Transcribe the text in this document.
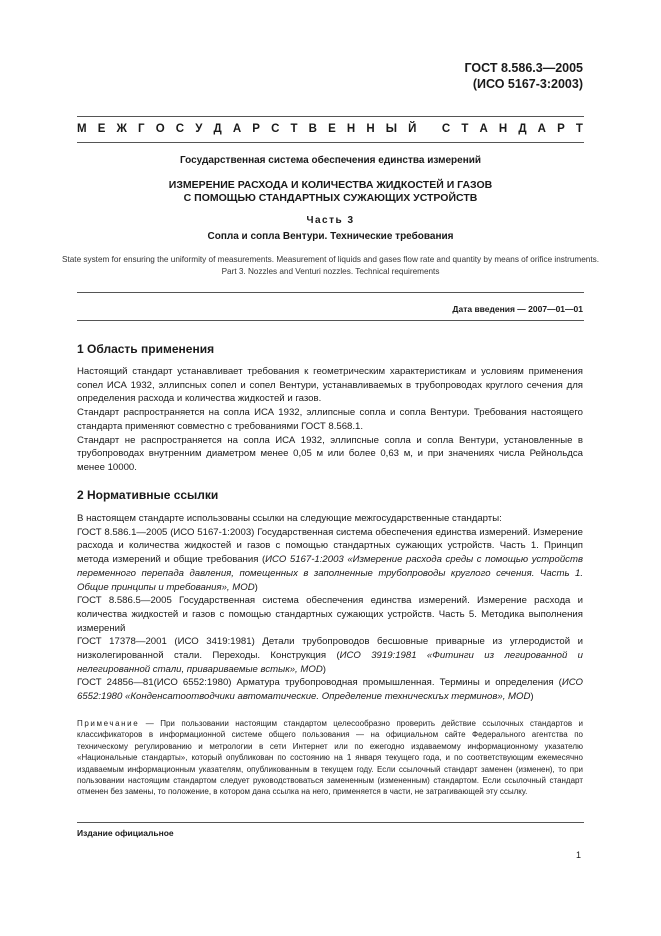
ГОСТ 8.586.3—2005
(ИСО 5167-3:2003)
М Е Ж Г О С У Д А Р С Т В Е Н Н Ы Й
С Т А Н Д А Р Т
Государственная система обеспечения единства измерений
ИЗМЕРЕНИЕ РАСХОДА И КОЛИЧЕСТВА ЖИДКОСТЕЙ И ГАЗОВ
С ПОМОЩЬЮ СТАНДАРТНЫХ СУЖАЮЩИХ УСТРОЙСТВ
Часть 3
Сопла и сопла Вентури. Технические требования
State system for ensuring the uniformity of measurements. Measurement of liquids and gases flow rate and quantity by means of orifice instruments. Part 3. Nozzles and Venturi nozzles. Technical requirements
Дата введения — 2007—01—01
1 Область применения

Настоящий стандарт устанавливает требования к геометрическим характеристикам и условиям применения сопел ИСА 1932, эллипсных сопел и сопел Вентури, устанавливаемых в трубопроводах круглого сечения для определения расхода и количества жидкостей и газов.

Стандарт распространяется на сопла ИСА 1932, эллипсные сопла и сопла Вентури. Требования настоящего стандарта применяют совместно с требованиями ГОСТ 8.568.1.

Стандарт не распространяется на сопла ИСА 1932, эллипсные сопла и сопла Вентури, установленные в трубопроводах внутренним диаметром менее 0,05 м или более 0,63 м, и при значениях числа Рейнольдса менее 10000.

2 Нормативные ссылки

В настоящем стандарте использованы ссылки на следующие межгосударственные стандарты:

ГОСТ 8.586.1—2005 (ИСО 5167-1:2003) Государственная система обеспечения единства измерений. Измерение расхода и количества жидкостей и газов с помощью стандартных сужающих устройств. Часть 1. Принцип метода измерений и общие требования (ИСО 5167-1:2003 «Измерение расхода среды с помощью устройств переменного перепада давления, помещенных в заполненные трубопроводы круглого сечения. Часть 1. Общие принципы и требования», MOD)

ГОСТ 8.586.5—2005 Государственная система обеспечения единства измерений. Измерение расхода и количества жидкостей и газов с помощью стандартных сужающих устройств. Часть 5. Методика выполнения измерений

ГОСТ 17378—2001 (ИСО 3419:1981) Детали трубопроводов бесшовные приварные из углеродистой и низколегированной стали. Переходы. Конструкция (ИСО 3919:1981 «Фитинги из легированной и нелегированной стали, привариваемые встык», MOD)

ГОСТ 24856—81(ИСО 6552:1980) Арматура трубопроводная промышленная. Термины и определения (ИСО 6552:1980 «Конденсатоотводчики автоматические. Определение техническиъх терминов», MOD)

Примечание — При пользовании настоящим стандартом целесообразно проверить действие ссылочных стандартов и классификаторов в информационной системе общего пользования — на официальном сайте Федерального агентства по техническому регулированию и метрологии в сети Интернет или по ежегодно издаваемому информационному указателю «Национальные стандарты», который опубликован по состоянию на 1 января текущего года, и по соответствующим ежемесячно издаваемым информационным указателям, опубликованным в текущем году. Если ссылочный стандарт заменен (изменен), то при пользовании настоящим стандартом следует руководствоваться замененным (измененным) стандартом. Если ссылочный стандарт отменен без замены, то положение, в котором дана ссылка на него, применяется в части, не затрагивающей эту ссылку.
Издание официальное
1
